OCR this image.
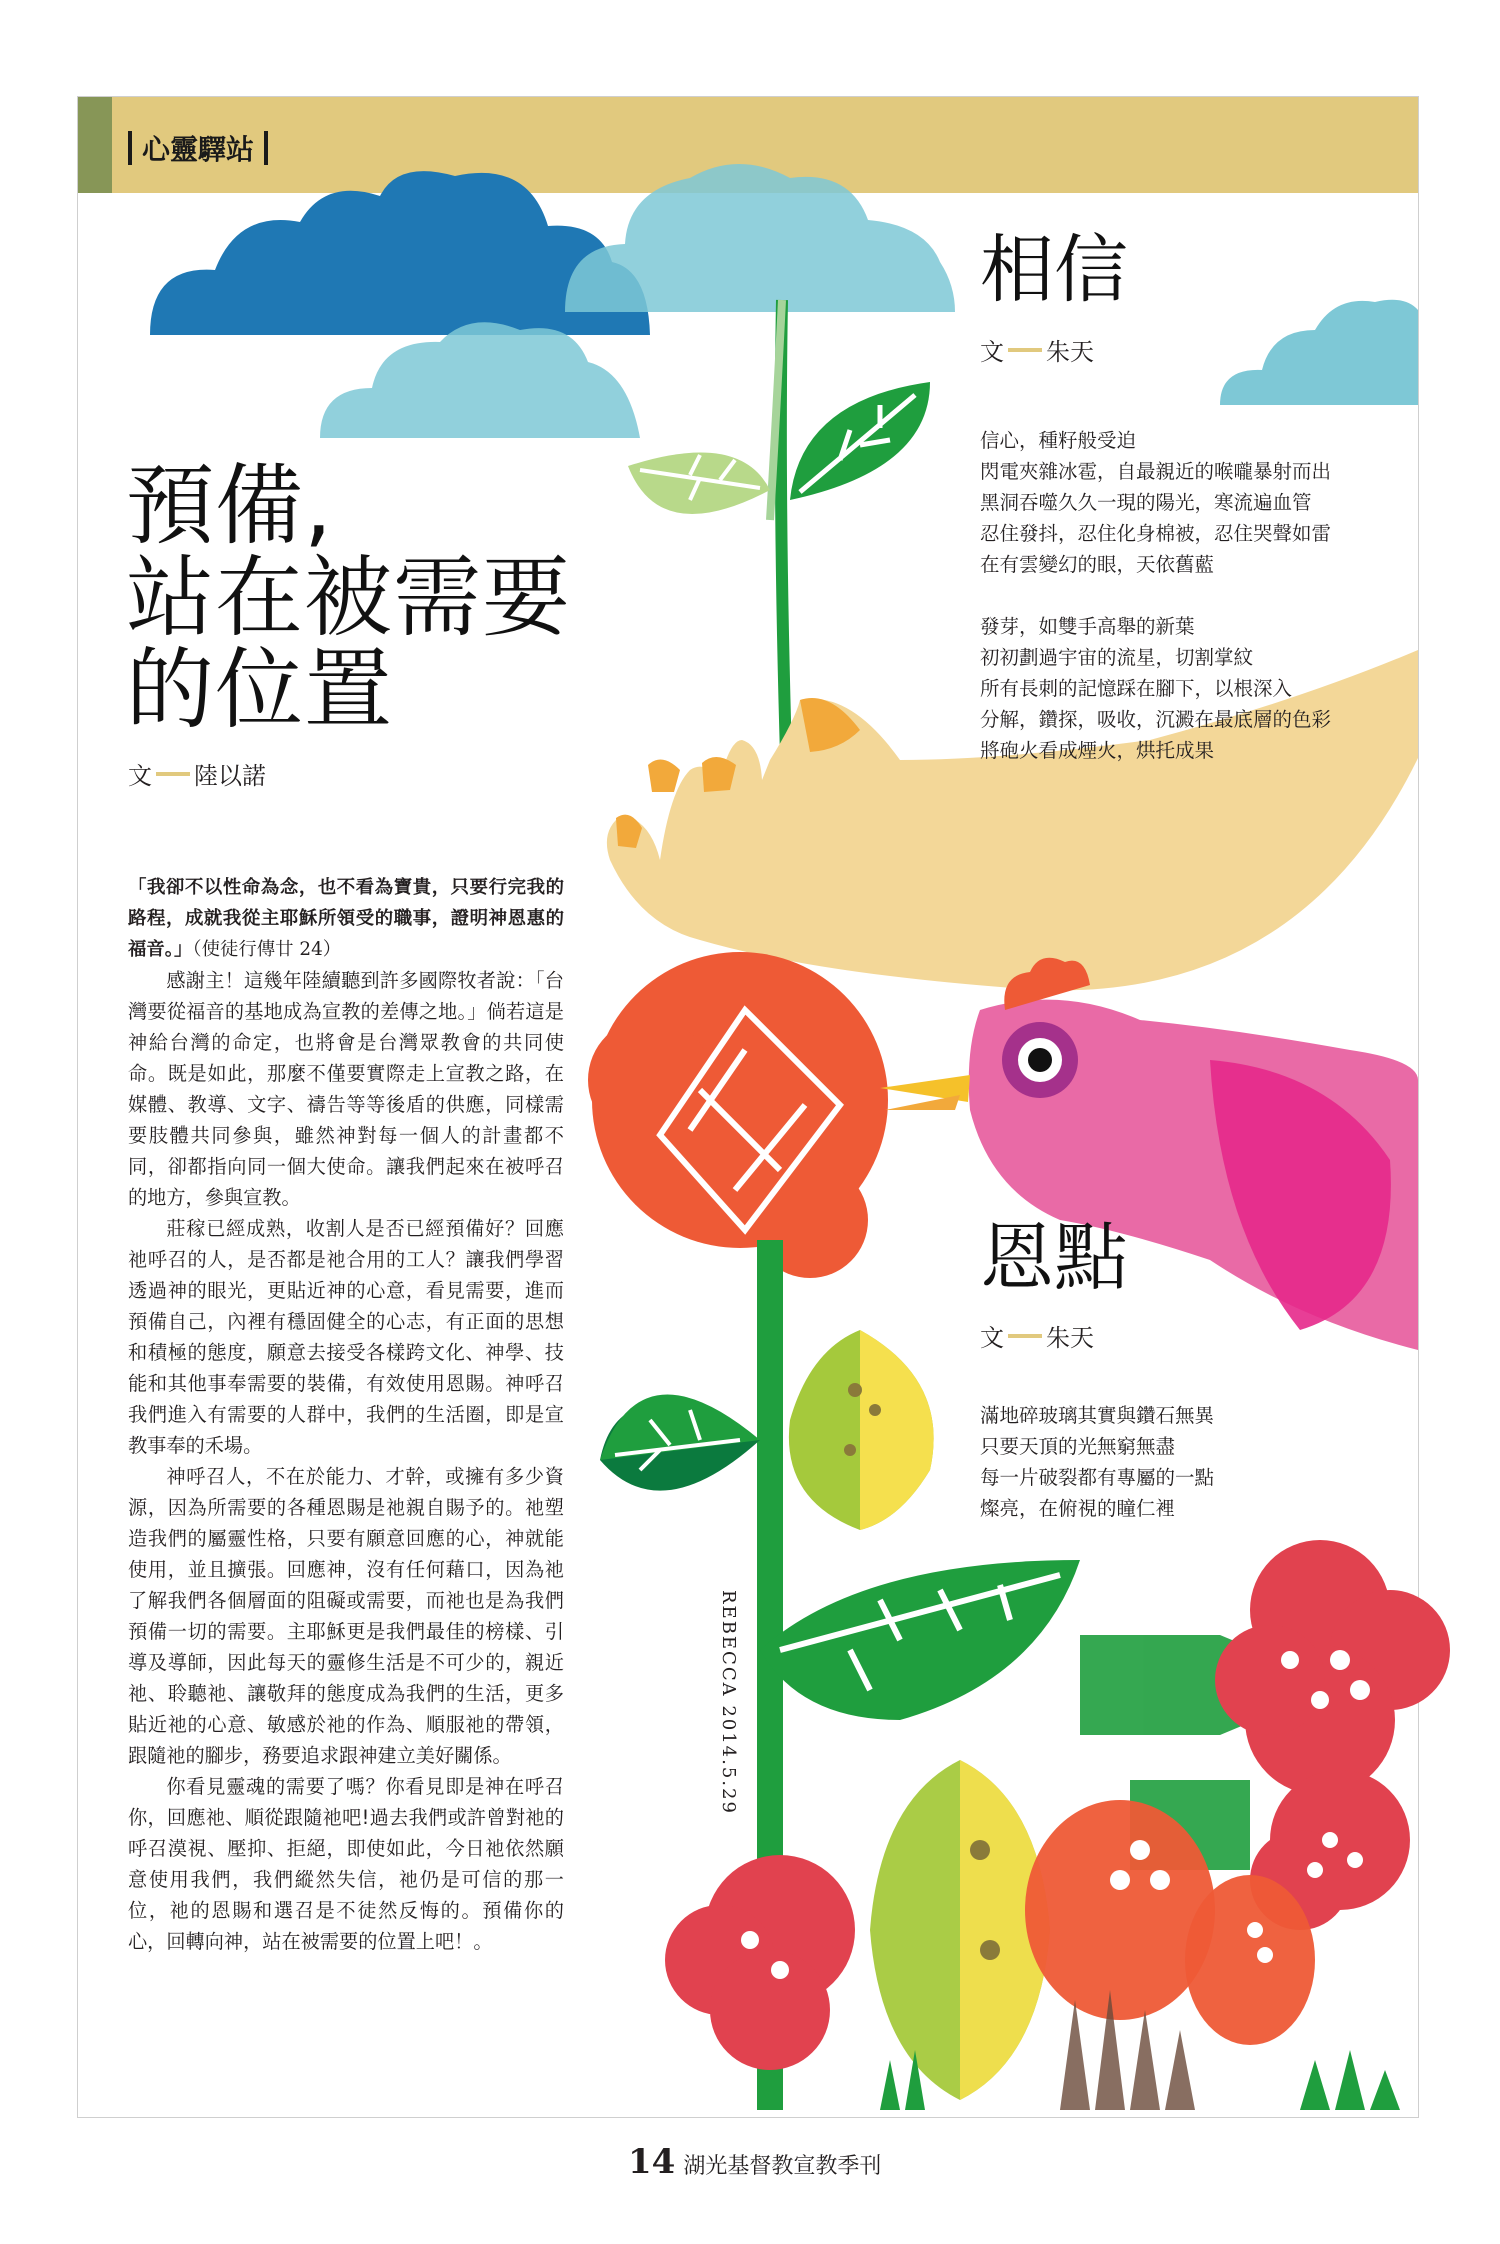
心靈驛站
預備,
站在被需要
的位置
文 陸以諾

「我卻不以性命為念，也不看為寶貴，只要行完我的路程，成就我從主耶穌所領受的職事，證明神恩惠的福音。」（使徒行傳廿 24）

感謝主！這幾年陸續聽到許多國際牧者說：「台灣要從福音的基地成為宣教的差傳之地。」倘若這是神給台灣的命定，也將會是台灣眾教會的共同使命。既是如此，那麼不僅要實際走上宣教之路，在媒體、教導、文字、禱告等等後盾的供應，同樣需要肢體共同參與，雖然神對每一個人的計畫都不同，卻都指向同一個大使命。讓我們起來在被呼召的地方，參與宣教。

莊稼已經成熟，收割人是否已經預備好？回應祂呼召的人，是否都是祂合用的工人？讓我們學習透過神的眼光，更貼近神的心意，看見需要，進而預備自己，內裡有穩固健全的心志，有正面的思想和積極的態度，願意去接受各樣跨文化、神學、技能和其他事奉需要的裝備，有效使用恩賜。神呼召我們進入有需要的人群中，我們的生活圈，即是宣教事奉的禾場。

神呼召人，不在於能力、才幹，或擁有多少資源，因為所需要的各種恩賜是祂親自賜予的。祂塑造我們的屬靈性格，只要有願意回應的心，神就能使用，並且擴張。回應神，沒有任何藉口，因為祂了解我們各個層面的阻礙或需要，而祂也是為我們預備一切的需要。主耶穌更是我們最佳的榜樣、引導及導師，因此每天的靈修生活是不可少的，親近祂、聆聽祂、讓敬拜的態度成為我們的生活，更多貼近祂的心意、敏感於祂的作為、順服祂的帶領，跟隨祂的腳步，務要追求跟神建立美好關係。

你看見靈魂的需要了嗎？你看見即是神在呼召你，回應祂、順從跟隨祂吧!過去我們或許曾對祂的呼召漠視、壓抑、拒絕，即使如此，今日祂依然願意使用我們，我們縱然失信，祂仍是可信的那一位，祂的恩賜和選召是不徒然反悔的。預備你的心，回轉向神，站在被需要的位置上吧！。

相信
文 朱天

信心，種籽般受迫

閃電夾雜冰雹，自最親近的喉嚨暴射而出

黑洞吞噬久久一現的陽光，寒流遍血管

忍住發抖，忍住化身棉被，忍住哭聲如雷

在有雲變幻的眼，天依舊藍

發芽，如雙手高舉的新葉

初初劃過宇宙的流星，切割掌紋

所有長刺的記憶踩在腳下，以根深入

分解，鑽探，吸收，沉澱在最底層的色彩

將砲火看成煙火，烘托成果

恩點
文 朱天

滿地碎玻璃其實與鑽石無異

只要天頂的光無窮無盡

每一片破裂都有專屬的一點

燦亮，在俯視的瞳仁裡

REBECCA 2014.5.29
14 湖光基督教宣教季刊
